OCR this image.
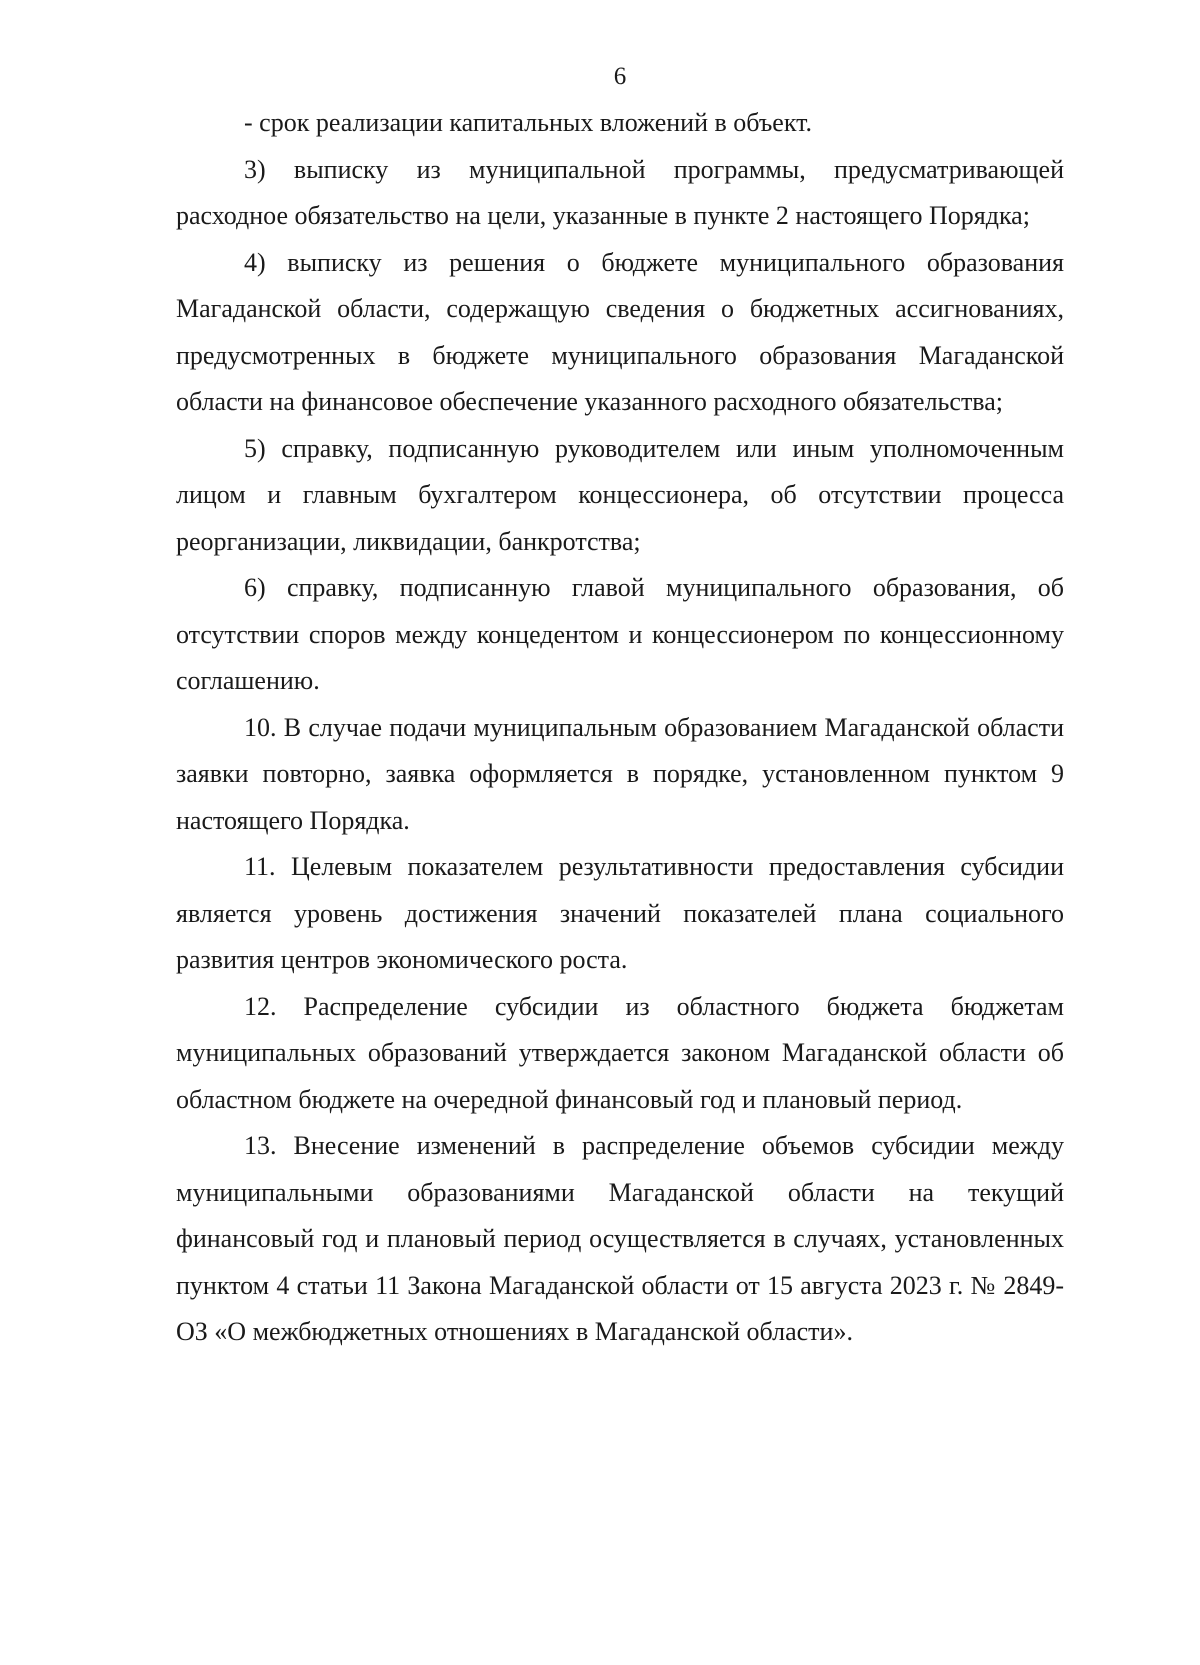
6

- срок реализации капитальных вложений в объект.

3) выписку из муниципальной программы, предусматривающей расходное обязательство на цели, указанные в пункте 2 настоящего Порядка;

4) выписку из решения о бюджете муниципального образования Магаданской области, содержащую сведения о бюджетных ассигнованиях, предусмотренных в бюджете муниципального образования Магаданской области на финансовое обеспечение указанного расходного обязательства;

5) справку, подписанную руководителем или иным уполномоченным лицом и главным бухгалтером концессионера, об отсутствии процесса реорганизации, ликвидации, банкротства;

6) справку, подписанную главой муниципального образования, об отсутствии споров между концедентом и концессионером по концессионному соглашению.

10. В случае подачи муниципальным образованием Магаданской области заявки повторно, заявка оформляется в порядке, установленном пунктом 9 настоящего Порядка.

11. Целевым показателем результативности предоставления субсидии является уровень достижения значений показателей плана социального развития центров экономического роста.

12. Распределение субсидии из областного бюджета бюджетам муниципальных образований утверждается законом Магаданской области об областном бюджете на очередной финансовый год и плановый период.

13. Внесение изменений в распределение объемов субсидии между муниципальными образованиями Магаданской области на текущий финансовый год и плановый период осуществляется в случаях, установленных пунктом 4 статьи 11 Закона Магаданской области от 15 августа 2023 г. № 2849-ОЗ «О межбюджетных отношениях в Магаданской области».
